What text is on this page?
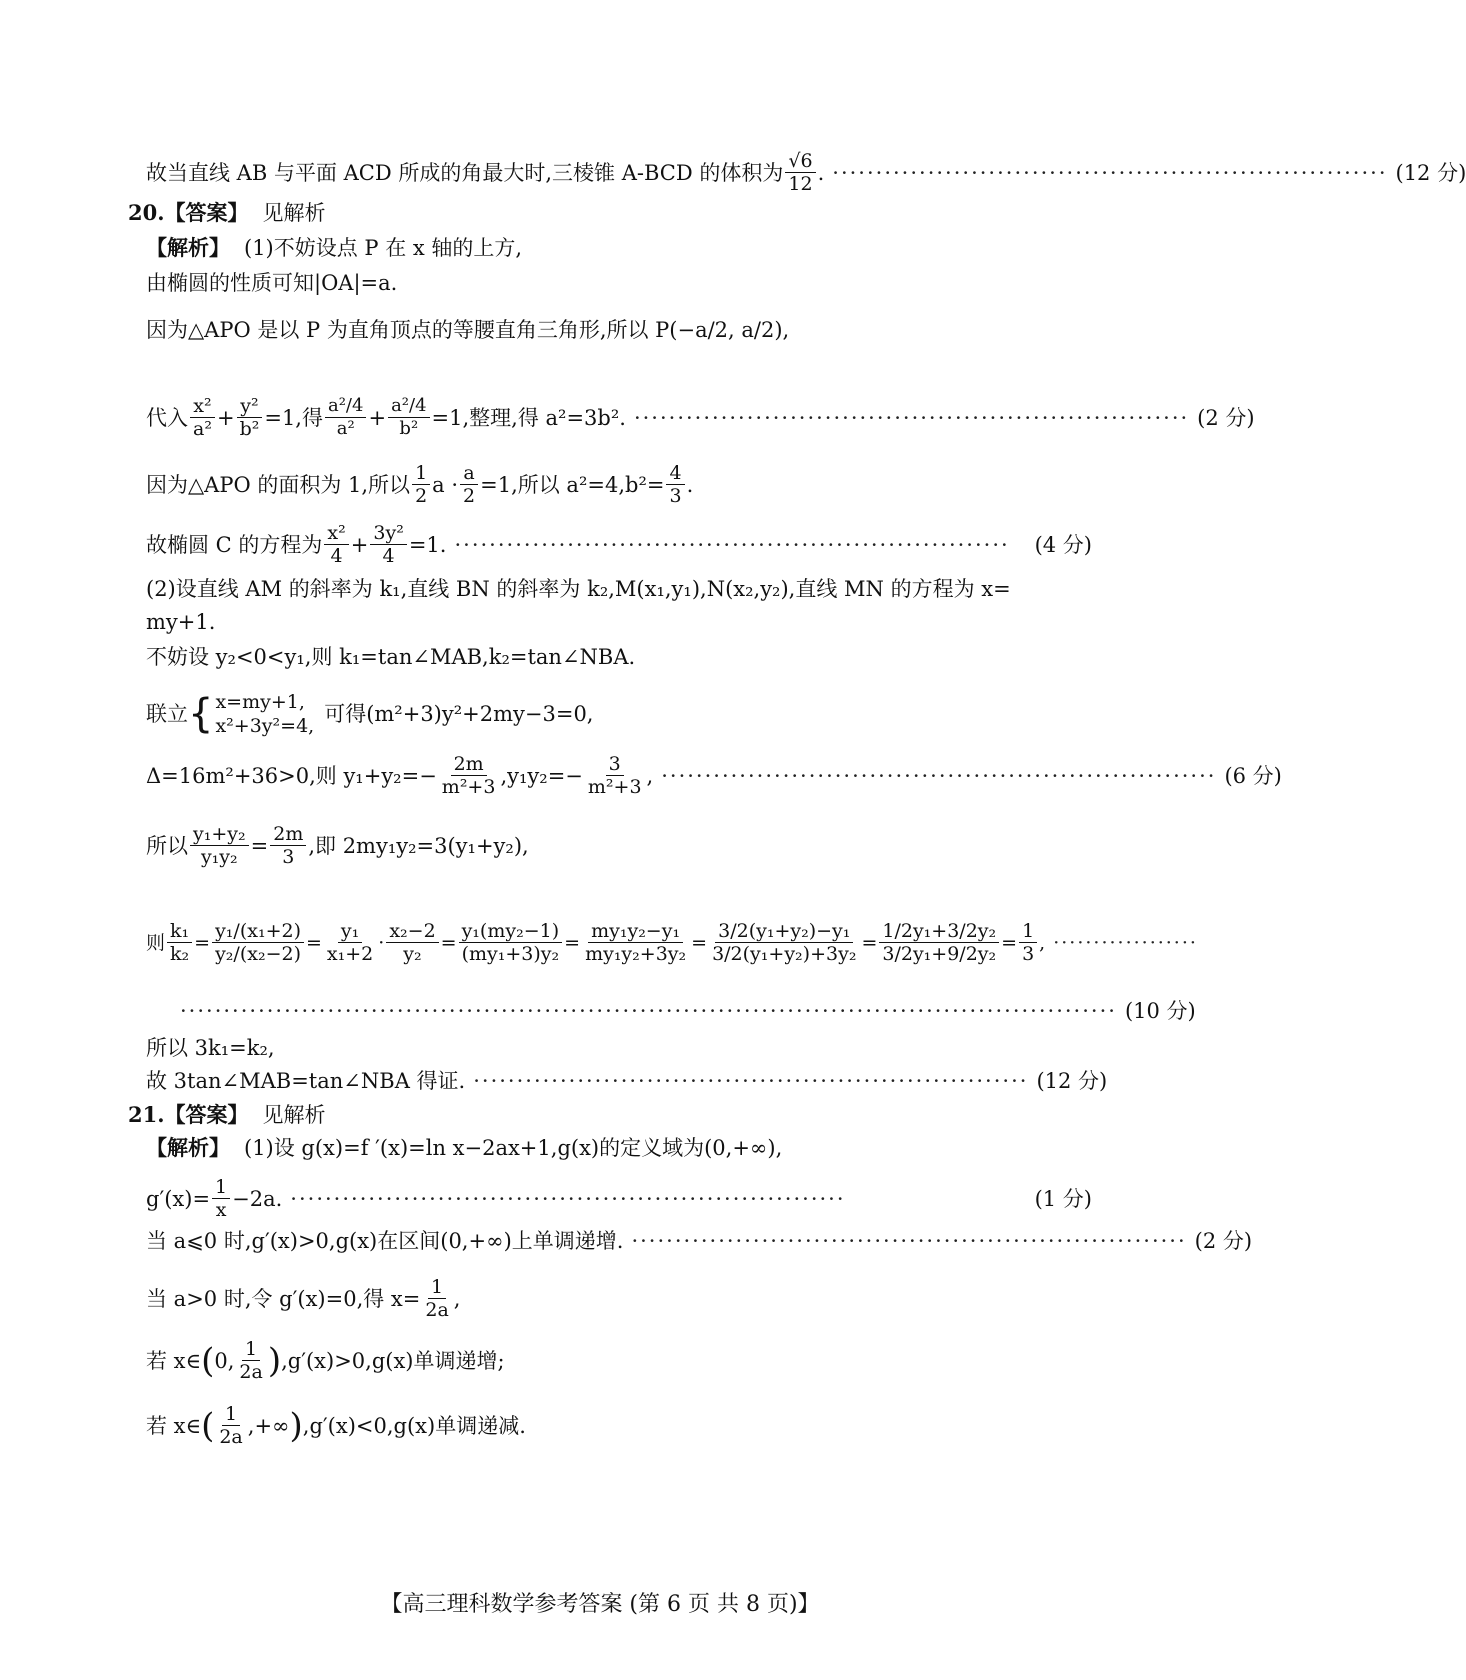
故当直线 AB 与平面 ACD 所成的角最大时,三棱锥 A-BCD 的体积为 $\frac{√6}{12}$ . ································································ (12 分)
20. 【答案】 见解析
【解析】 (1)不妨设点 P 在 x 轴的上方,
由椭圆的性质可知|OA|=a.
因为△APO 是以 P 为直角顶点的等腰直角三角形,所以 P (−a/2, a/2),
代入 $\frac{\text{x²}}{\text{a²}} + \frac{\text{y²}}{\text{b²}} =1$,得 $\frac{\text{a²/4}}{\text{a²}} + \frac{\text{a²/4}}{\text{b²}} =1$,整理,得 a²=3b². ································································ (2 分)
因为△APO 的面积为 1,所以 $\frac{1}{2}$ $a \cdot \frac{a}{2} =1$,所以 $a^2=4,b^2= \frac{4}{3}$ .
故椭圆 C 的方程为 $\frac{\text{x²}}{4} + \frac{\text{3y²}}{4} =1$. ································································	(4 分)
(2)设直线 AM 的斜率为 k₁,直线 BN 的斜率为 k₂,M(x₁,y₁),N(x₂,y₂),直线 MN 的方程为 x=
my+1.
不妨设 y₂<0<y₁,则 k₁=tan∠MAB,k₂=tan∠NBA.
联立 { x=my+1,
x²+3y²=4, 可得(m²+3)y²+2my−3=0,
Δ=16m²+36>0,则 $y_1+y_2=- \frac{2m}{\text{m²+3}} ,y_1y_2=- \frac{3}{\text{m²+3}}$ , ································································ (6 分)
所以 $\frac{\text{y₁+y₂}}{\text{y₁y₂}} = \frac{2m}{3}$ ,即 2my₁y₂=3(y₁+y₂),
则 $\frac{\text{k₁}}{\text{k₂}} = \frac{\text{y₁/(x₁+2)}}{\text{y₂/(x₂−2)}} = \frac{\text{y₁}}{\text{x₁+2}} \cdot \frac{\text{x₂−2}}{\text{y₂}} = \frac{\text{y₁(my₂−1)}}{\text{(my₁+3)y₂}} = \frac{\text{my₁y₂−y₁}}{\text{my₁y₂+3y₂}} = \frac{\text{3/2(y₁+y₂)−y₁}}{\text{3/2(y₁+y₂)+3y₂}} = \frac{\text{1/2y₁+3/2y₂}}{\text{3/2y₁+9/2y₂}} = \frac{1}{3}$ , ··················
············································································································ (10 分)
所以 3k₁=k₂,
故 3tan∠MAB=tan∠NBA 得证. ································································ (12 分)
21. 【答案】 见解析
【解析】 (1)设 g(x)=f ′(x)=ln x−2ax+1,g(x)的定义域为(0,+∞),
$g'(x)= \frac{1}{x} -2a$. ································································	(1 分)
当 a⩽0 时,g′(x)>0,g(x)在区间(0,+∞)上单调递增. ································································ (2 分)
当 a>0 时,令 g′(x)=0,得 $x= \frac{1}{2a}$ ,
若 x∈ ( 0, $\frac{1}{2a}$ ) ,g′(x)>0,g(x)单调递增;
若 x∈ ( $\frac{1}{2a}$ ,+∞ ) ,g′(x)<0,g(x)单调递减.
【高三理科数学参考答案 (第 6 页 共 8 页)】
